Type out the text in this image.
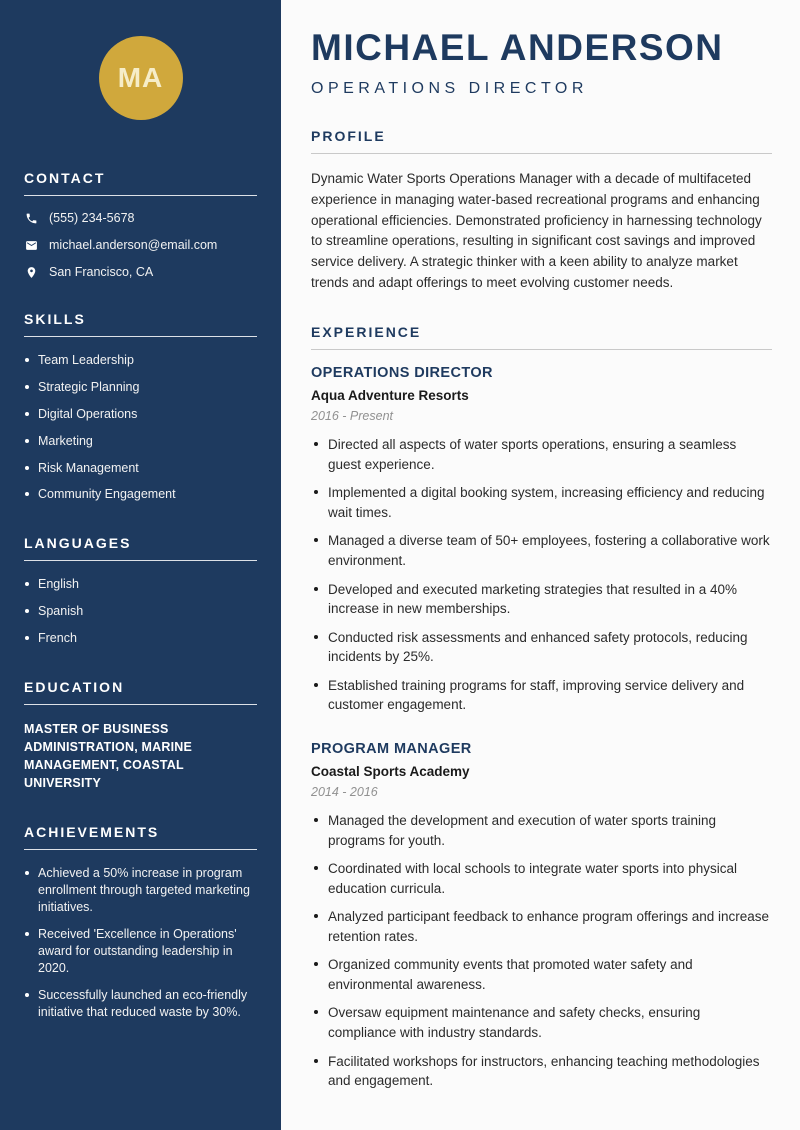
MA
CONTACT
(555) 234-5678
michael.anderson@email.com
San Francisco, CA
SKILLS
Team Leadership
Strategic Planning
Digital Operations
Marketing
Risk Management
Community Engagement
LANGUAGES
English
Spanish
French
EDUCATION

MASTER OF BUSINESS ADMINISTRATION, MARINE MANAGEMENT, COASTAL UNIVERSITY

ACHIEVEMENTS
Achieved a 50% increase in program enrollment through targeted marketing initiatives.
Received 'Excellence in Operations' award for outstanding leadership in 2020.
Successfully launched an eco-friendly initiative that reduced waste by 30%.
MICHAEL ANDERSON
OPERATIONS DIRECTOR
PROFILE

Dynamic Water Sports Operations Manager with a decade of multifaceted experience in managing water-based recreational programs and enhancing operational efficiencies. Demonstrated proficiency in harnessing technology to streamline operations, resulting in significant cost savings and improved service delivery. A strategic thinker with a keen ability to analyze market trends and adapt offerings to meet evolving customer needs.

EXPERIENCE
OPERATIONS DIRECTOR
Aqua Adventure Resorts
2016 - Present
Directed all aspects of water sports operations, ensuring a seamless guest experience.
Implemented a digital booking system, increasing efficiency and reducing wait times.
Managed a diverse team of 50+ employees, fostering a collaborative work environment.
Developed and executed marketing strategies that resulted in a 40% increase in new memberships.
Conducted risk assessments and enhanced safety protocols, reducing incidents by 25%.
Established training programs for staff, improving service delivery and customer engagement.
PROGRAM MANAGER
Coastal Sports Academy
2014 - 2016
Managed the development and execution of water sports training programs for youth.
Coordinated with local schools to integrate water sports into physical education curricula.
Analyzed participant feedback to enhance program offerings and increase retention rates.
Organized community events that promoted water safety and environmental awareness.
Oversaw equipment maintenance and safety checks, ensuring compliance with industry standards.
Facilitated workshops for instructors, enhancing teaching methodologies and engagement.
